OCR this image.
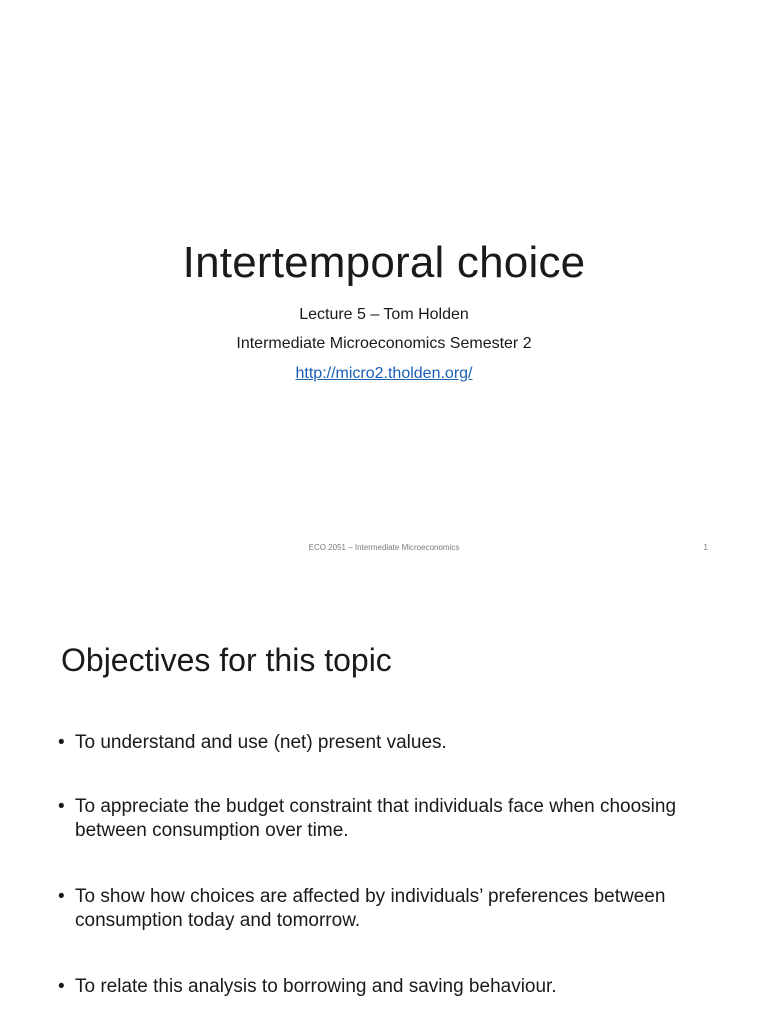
Intertemporal choice
Lecture 5 – Tom Holden
Intermediate Microeconomics Semester 2
http://micro2.tholden.org/
ECO 2051 – Intermediate Microeconomics	1
Objectives for this topic
• To understand and use (net) present values.
• To appreciate the budget constraint that individuals face when choosing between consumption over time.
• To show how choices are affected by individuals’ preferences between consumption today and tomorrow.
• To relate this analysis to borrowing and saving behaviour.
